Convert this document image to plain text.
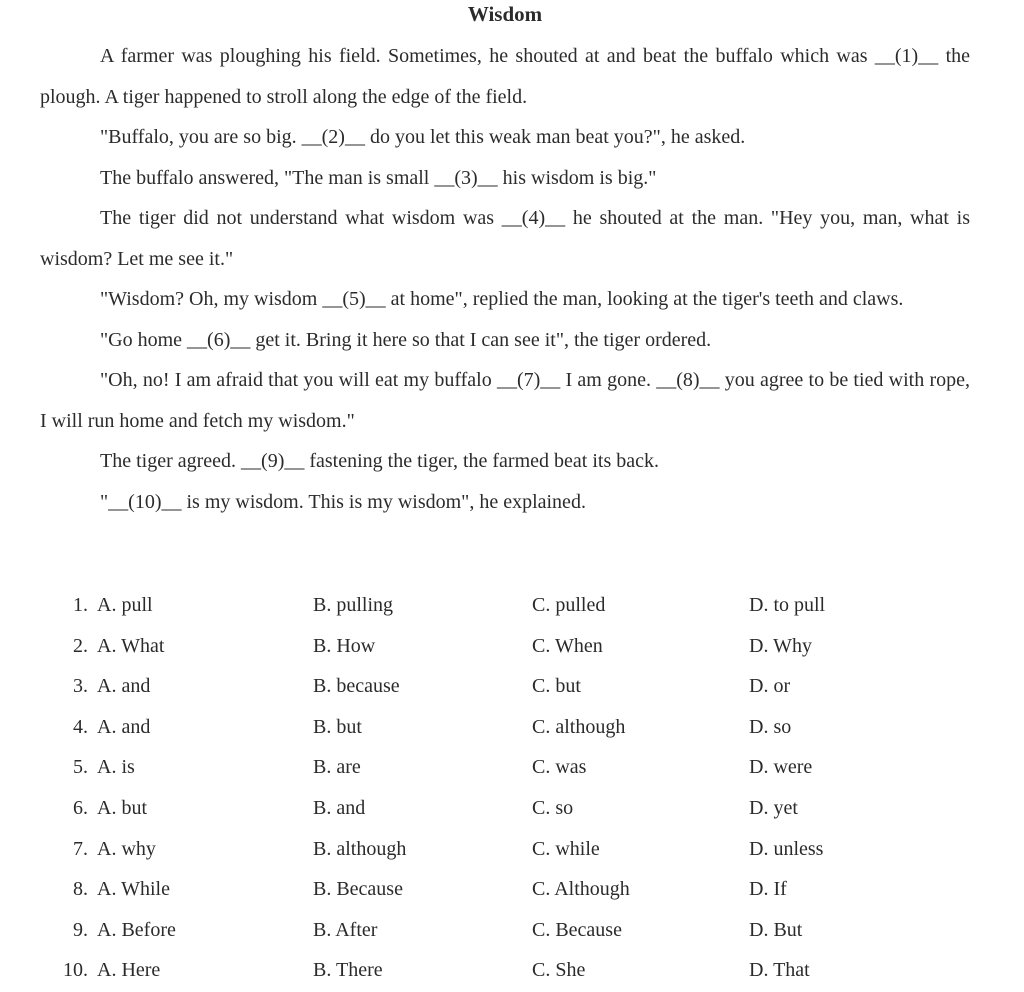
Wisdom

A farmer was ploughing his field. Sometimes, he shouted at and beat the buffalo which was __(1)__ the plough. A tiger happened to stroll along the edge of the field.

"Buffalo, you are so big. __(2)__ do you let this weak man beat you?", he asked.

The buffalo answered, "The man is small __(3)__ his wisdom is big."

The tiger did not understand what wisdom was __(4)__ he shouted at the man. "Hey you, man, what is wisdom? Let me see it."

"Wisdom? Oh, my wisdom __(5)__ at home", replied the man, looking at the tiger's teeth and claws.

"Go home __(6)__ get it. Bring it here so that I can see it", the tiger ordered.

"Oh, no! I am afraid that you will eat my buffalo __(7)__ I am gone. __(8)__ you agree to be tied with rope, I will run home and fetch my wisdom."

The tiger agreed. __(9)__ fastening the tiger, the farmed beat its back.

"__(10)__ is my wisdom. This is my wisdom", he explained.

1. A. pull	B. pulling	C. pulled	D. to pull
2. A. What	B. How	C. When	D. Why
3. A. and	B. because	C. but	D. or
4. A. and	B. but	C. although	D. so
5. A. is	B. are	C. was	D. were
6. A. but	B. and	C. so	D. yet
7. A. why	B. although	C. while	D. unless
8. A. While	B. Because	C. Although	D. If
9. A. Before	B. After	C. Because	D. But
10. A. Here	B. There	C. She	D. That
